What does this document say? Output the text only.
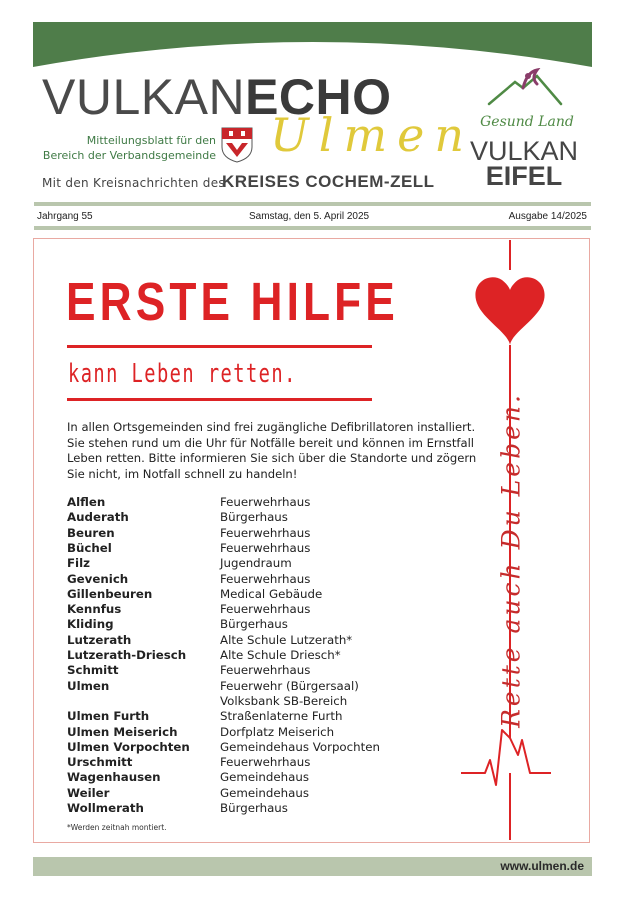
VULKANECHO
Mitteilungsblatt für den Bereich der Verbandsgemeinde Ulmen
Mit den Kreisnachrichten des
KREISES COCHEM-ZELL
Gesund Land
VULKAN
EIFEL
Jahrgang 55	Samstag, den 5. April 2025	Ausgabe 14/2025
ERSTE HILFE
kann Leben retten.
In allen Ortsgemeinden sind frei zugängliche Defibrillatoren installiert. Sie stehen rund um die Uhr für Notfälle bereit und können im Ernstfall Leben retten. Bitte informieren Sie sich über die Standorte und zögern Sie nicht, im Notfall schnell zu handeln!
Alflen	Feuerwehrhaus
Auderath	Bürgerhaus
Beuren	Feuerwehrhaus
Büchel	Feuerwehrhaus
Filz	Jugendraum
Gevenich	Feuerwehrhaus
Gillenbeuren	Medical Gebäude
Kennfus	Feuerwehrhaus
Kliding	Bürgerhaus
Lutzerath	Alte Schule Lutzerath*
Lutzerath-Driesch	Alte Schule Driesch*
Schmitt	Feuerwehrhaus
Ulmen	Feuerwehr (Bürgersaal)
Volksbank SB-Bereich
Ulmen Furth	Straßenlaterne Furth
Ulmen Meiserich	Dorfplatz Meiserich
Ulmen Vorpochten	Gemeindehaus Vorpochten
Urschmitt	Feuerwehrhaus
Wagenhausen	Gemeindehaus
Weiler	Gemeindehaus
Wollmerath	Bürgerhaus
*Werden zeitnah montiert.
Rette auch Du Leben.
www.ulmen.de
